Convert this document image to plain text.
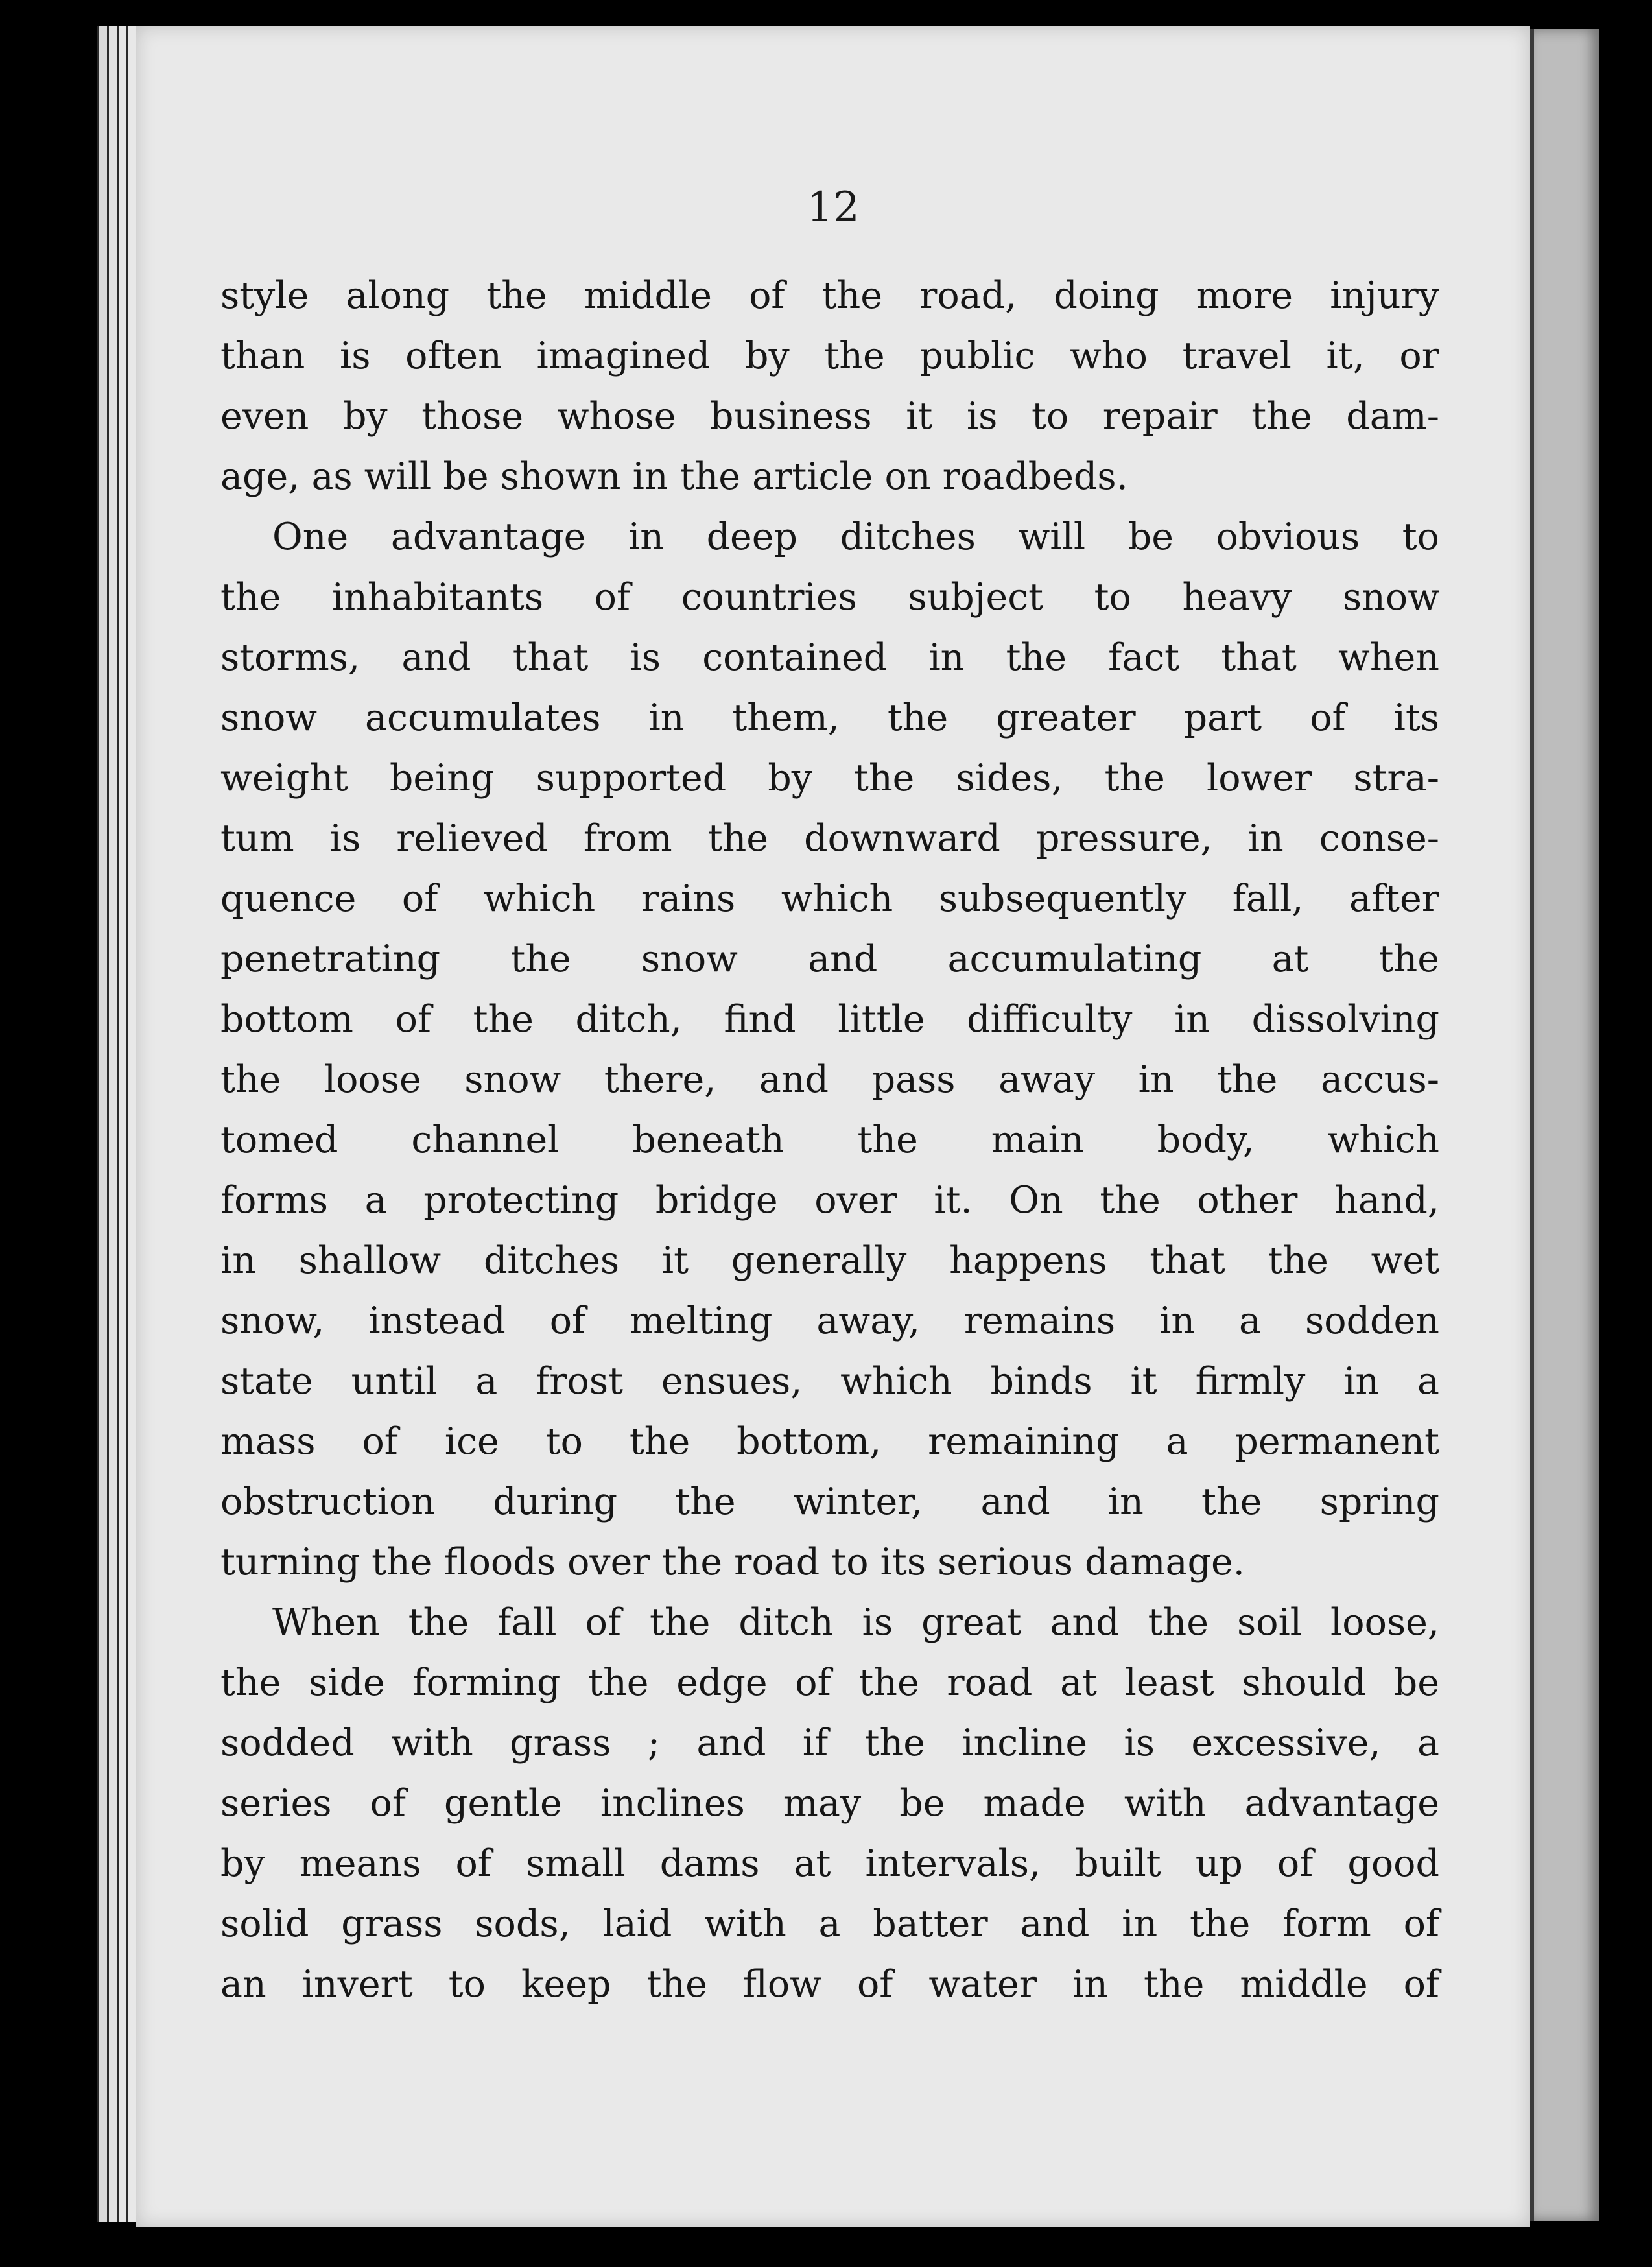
12
style along the middle of the road, doing more injury
than is often imagined by the public who travel it, or
even by those whose business it is to repair the dam-
age, as will be shown in the article on roadbeds.
One advantage in deep ditches will be obvious to
the inhabitants of countries subject to heavy snow
storms, and that is contained in the fact that when
snow accumulates in them, the greater part of its
weight being supported by the sides, the lower stra-
tum is relieved from the downward pressure, in conse-
quence of which rains which subsequently fall, after
penetrating the snow and accumulating at the
bottom of the ditch, find little difficulty in dissolving
the loose snow there, and pass away in the accus-
tomed channel beneath the main body, which
forms a protecting bridge over it. On the other hand,
in shallow ditches it generally happens that the wet
snow, instead of melting away, remains in a sodden
state until a frost ensues, which binds it firmly in a
mass of ice to the bottom, remaining a permanent
obstruction during the winter, and in the spring
turning the floods over the road to its serious damage.
When the fall of the ditch is great and the soil loose,
the side forming the edge of the road at least should be
sodded with grass ; and if the incline is excessive, a
series of gentle inclines may be made with advantage
by means of small dams at intervals, built up of good
solid grass sods, laid with a batter and in the form of
an invert to keep the flow of water in the middle of
